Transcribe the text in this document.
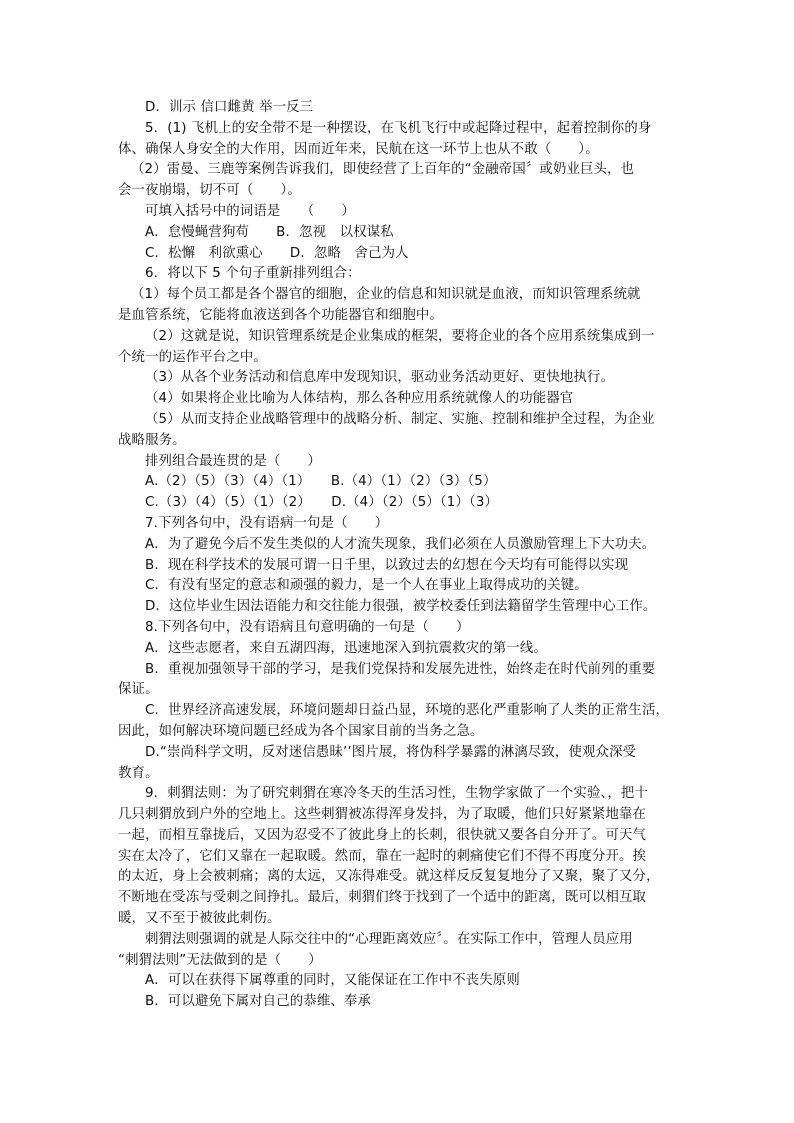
D．训示 信口雌黄 举一反三
5．(1) 飞机上的安全带不是一种摆设，在飞机飞行中或起降过程中，起着控制你的身
体、确保人身安全的大作用，因而近年来，民航在这一环节上也从不敢（　　）。
（2）雷曼、三鹿等案例告诉我们，即使经营了上百年的“金融帝国〞或奶业巨头，也
会一夜崩塌，切不可（　　）。
可填入括号中的词语是　　（　　）
A．怠慢蝇营狗苟　　B．忽视　以权谋私
C．松懈　利欲熏心　　D．忽略　舍己为人
6．将以下 5 个句子重新排列组合：
（1）每个员工都是各个器官的细胞，企业的信息和知识就是血液，而知识管理系统就
是血管系统，它能将血液送到各个功能器官和细胞中。
（2）这就是说，知识管理系统是企业集成的框架，要将企业的各个应用系统集成到一
个统一的运作平台之中。
（3）从各个业务活动和信息库中发现知识，驱动业务活动更好、更快地执行。
（4）如果将企业比喻为人体结构，那么各种应用系统就像人的功能器官
（5）从而支持企业战略管理中的战略分析、制定、实施、控制和维护全过程，为企业
战略服务。
排列组合最连贯的是（　　）
A.（2）（5）（3）（4）（1）　　B.（4）（1）（2）（3）（5）
C.（3）（4）（5）（1）（2）　　D.（4）（2）（5）（1）（3）
7.下列各句中，没有语病一句是（　　）
A．为了避免今后不发生类似的人才流失现象，我们必须在人员激励管理上下大功夫。
B．现在科学技术的发展可谓一日千里，以致过去的幻想在今天均有可能得以实现
C．有没有坚定的意志和顽强的毅力，是一个人在事业上取得成功的关键。
D．这位毕业生因法语能力和交往能力很强，被学校委任到法籍留学生管理中心工作。
8.下列各句中，没有语病且句意明确的一句是（　　）
A．这些志愿者，来自五湖四海，迅速地深入到抗震救灾的第一线。
B．重视加强领导干部的学习，是我们党保持和发展先进性，始终走在时代前列的重要
保证。
C．世界经济高速发展，环境问题却日益凸显，环境的恶化严重影响了人类的正常生活，
因此，如何解决环境问题已经成为各个国家目前的当务之急。
D.“崇尚科学文明，反对迷信愚昧’’图片展，将伪科学暴露的淋漓尽致，使观众深受
教育。
9．刺猬法则：为了研究刺猬在寒冷冬天的生活习性，生物学家做了一个实验、，把十
几只刺猬放到户外的空地上。这些刺猬被冻得浑身发抖，为了取暖，他们只好紧紧地靠在
一起，而相互靠拢后，又因为忍受不了彼此身上的长刺，很快就又要各自分开了。可天气
实在太冷了，它们又靠在一起取暖。然而，靠在一起时的刺痛使它们不得不再度分开。挨
的太近，身上会被刺痛；离的太远，又冻得难受。就这样反反复复地分了又聚，聚了又分，
不断地在受冻与受刺之间挣扎。最后，刺猬们终于找到了一个适中的距离，既可以相互取
暖，又不至于被彼此刺伤。
刺猬法则强调的就是人际交往中的“心理距离效应〞。在实际工作中，管理人员应用
“刺猬法则”无法做到的是（　　）
A．可以在获得下属尊重的同时，又能保证在工作中不丧失原则
B．可以避免下属对自己的恭维、奉承
